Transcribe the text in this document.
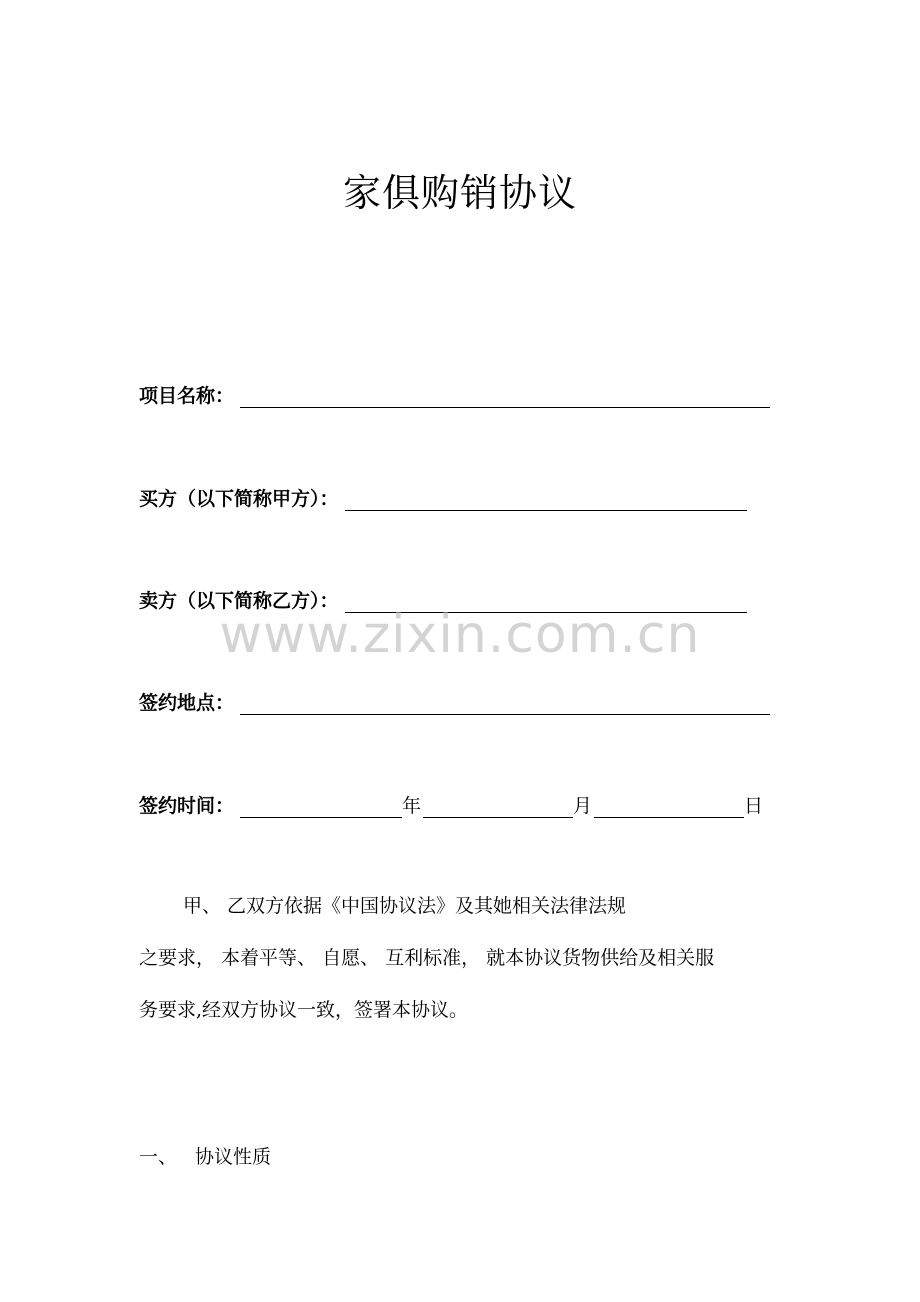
家俱购销协议
项目名称：
买方（以下简称甲方）：
卖方（以下简称乙方）：
www.zixin.com.cn
签约地点：
签约时间：	年	月	日
甲、 乙双方依据《中国协议法》及其她相关法律法规
之要求， 本着平等、 自愿、 互利标准， 就本协议货物供给及相关服
务要求,经双方协议一致，签署本协议。
一、 协议性质
